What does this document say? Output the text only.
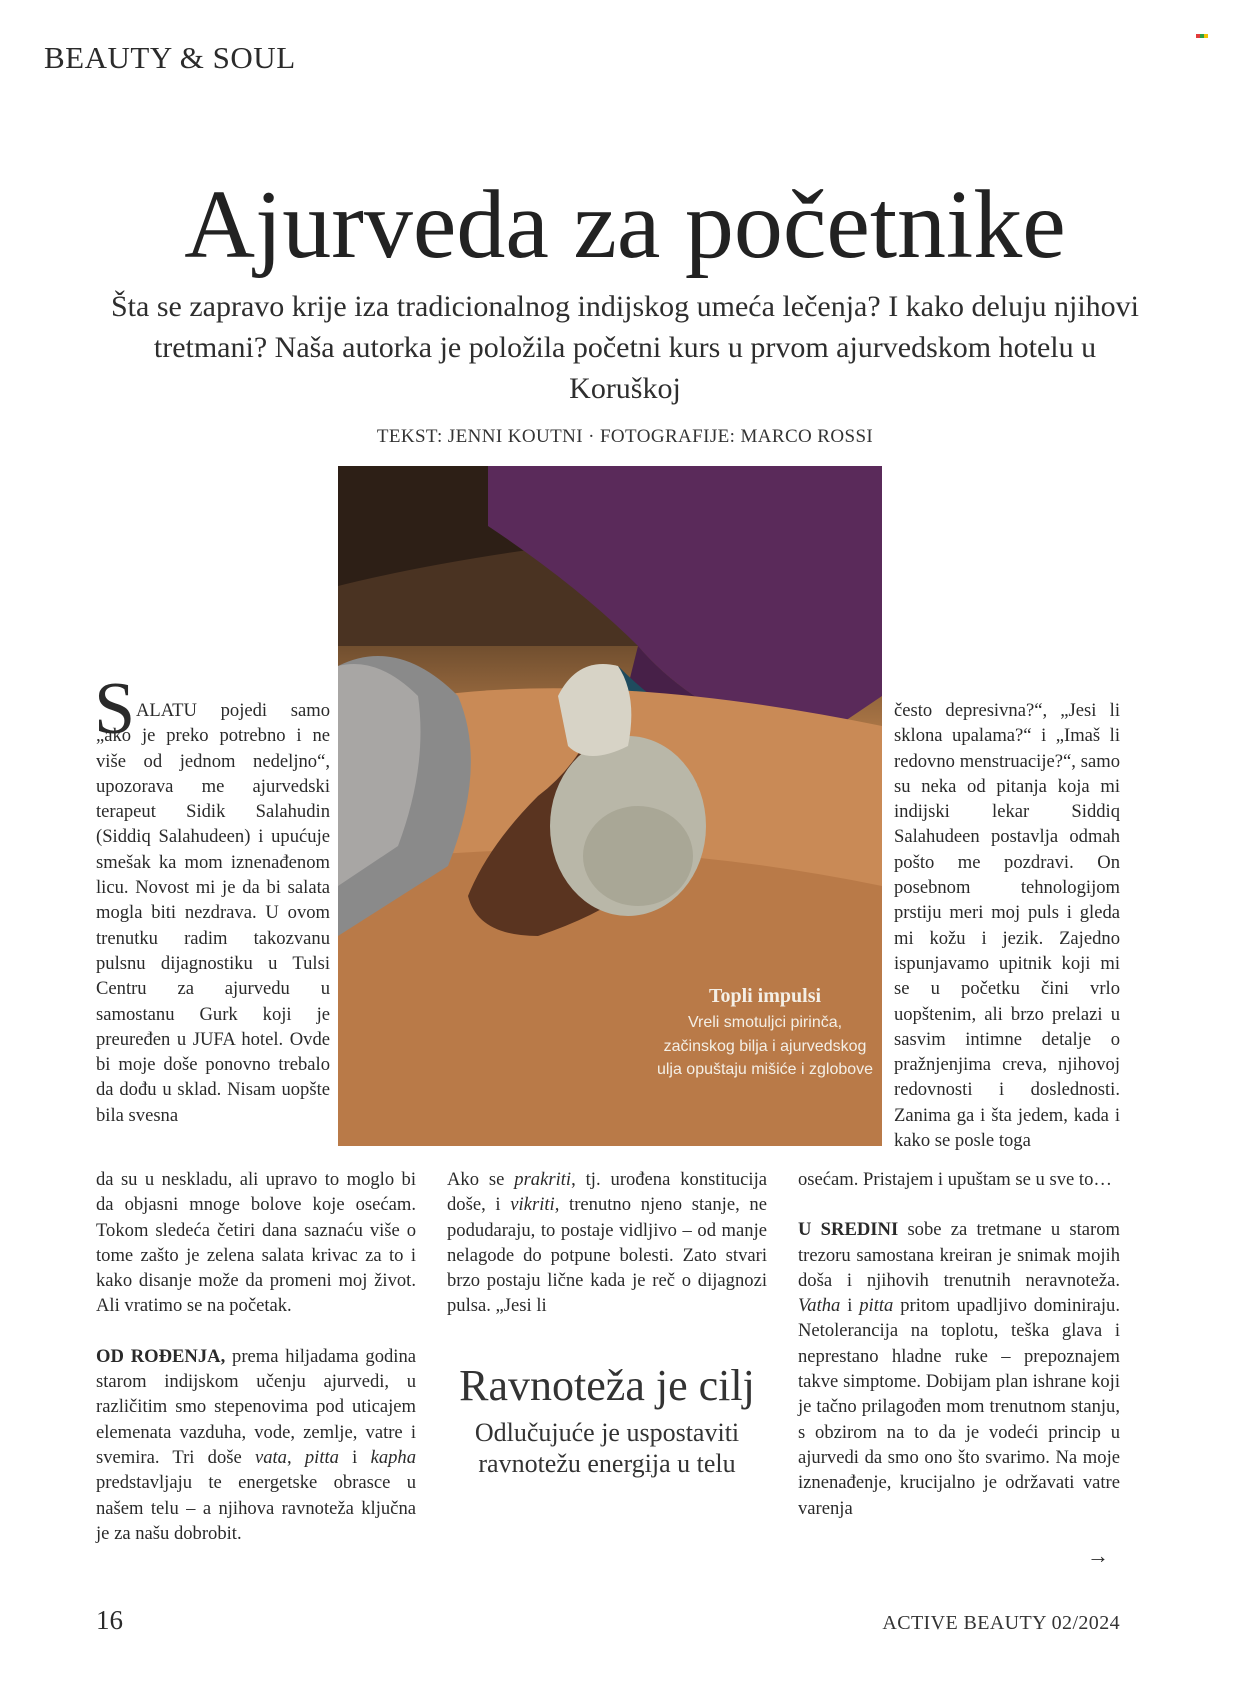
BEAUTY & SOUL
Ajurveda za početnike
Šta se zapravo krije iza tradicionalnog indijskog umeća lečenja? I kako deluju njihovi tretmani? Naša autorka je položila početni kurs u prvom ajurvedskom hotelu u Koruškoj
TEKST: JENNI KOUTNI · FOTOGRAFIJE: MARCO ROSSI
Topli impulsi
Vreli smotuljci pirinča, začinskog bilja i ajurvedskog ulja opuštaju mišiće i zglobove
S ALATU pojedi samo „ako je preko potrebno i ne više od jednom nedeljno“, upozorava me ajurvedski terapeut Sidik Salahudin (Siddiq Salahudeen) i upućuje smešak ka mom iznenađenom licu. Novost mi je da bi salata mogla biti nezdrava. U ovom trenutku radim takozvanu pulsnu dijagnostiku u Tulsi Centru za ajurvedu u samostanu Gurk koji je preuređen u JUFA hotel. Ovde bi moje doše ponovno trebalo da dođu u sklad. Nisam uopšte bila svesna

da su u neskladu, ali upravo to moglo bi da objasni mnoge bolove koje osećam. Tokom sledeća četiri dana saznaću više o tome zašto je zelena salata krivac za to i kako disanje može da promeni moj život. Ali vratimo se na početak.

OD ROĐENJA, prema hiljadama godina starom indijskom učenju ajurvedi, u različitim smo stepenovima pod uticajem elemenata vazduha, vode, zemlje, vatre i svemira. Tri doše vata, pitta i kapha predstavljaju te energetske obrasce u našem telu – a njihova ravnoteža ključna je za našu dobrobit.

Ako se prakriti, tj. urođena konstitucija doše, i vikriti, trenutno njeno stanje, ne podudaraju, to postaje vidljivo – od manje nelagode do potpune bolesti. Zato stvari brzo postaju lične kada je reč o dijagnozi pulsa. „Jesi li

Ravnoteža je cilj
Odlučujuće je uspostaviti ravnotežu energija u telu

često depresivna?“, „Jesi li sklona upalama?“ i „Imaš li redovno menstruacije?“, samo su neka od pitanja koja mi indijski lekar Siddiq Salahudeen postavlja odmah pošto me pozdravi. On posebnom tehnologijom prstiju meri moj puls i gleda mi kožu i jezik. Zajedno ispunjavamo upitnik koji mi se u početku čini vrlo uopštenim, ali brzo prelazi u sasvim intimne detalje o pražnjenjima creva, njihovoj redovnosti i doslednosti. Zanima ga i šta jedem, kada i kako se posle toga

osećam. Pristajem i upuštam se u sve to…

U SREDINI sobe za tretmane u starom trezoru samostana kreiran je snimak mojih doša i njihovih trenutnih neravnoteža. Vatha i pitta pritom upadljivo dominiraju. Netolerancija na toplotu, teška glava i neprestano hladne ruke – prepoznajem takve simptome. Dobijam plan ishrane koji je tačno prilagođen mom trenutnom stanju, s obzirom na to da je vodeći princip u ajurvedi da smo ono što svarimo. Na moje iznenađenje, krucijalno je održavati vatre varenja

→
16	ACTIVE BEAUTY 02/2024
